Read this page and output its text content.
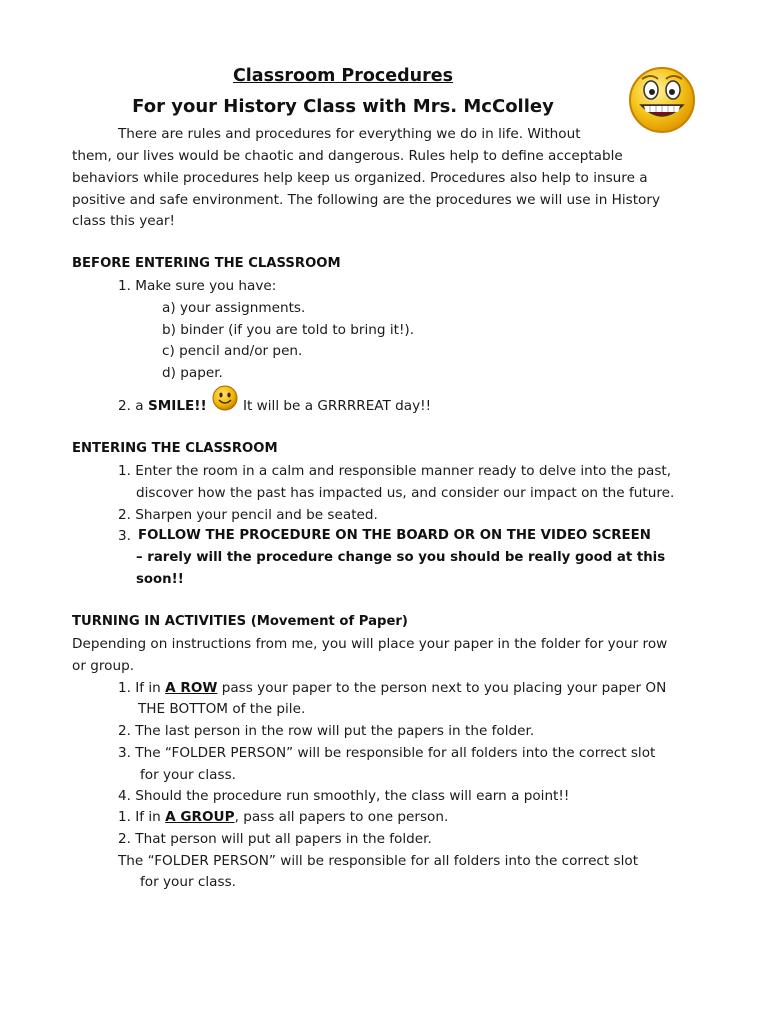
Classroom Procedures
For your History Class with Mrs. McColley
There are rules and procedures for everything we do in life. Without
them, our lives would be chaotic and dangerous. Rules help to define acceptable
behaviors while procedures help keep us organized. Procedures also help to insure a
positive and safe environment. The following are the procedures we will use in History
class this year!
BEFORE ENTERING THE CLASSROOM
1. Make sure you have:
a) your assignments.
b) binder (if you are told to bring it!).
c) pencil and/or pen.
d) paper.
2. a SMILE!!	It will be a GRRRREAT day!!
ENTERING THE CLASSROOM
1. Enter the room in a calm and responsible manner ready to delve into the past,
discover how the past has impacted us, and consider our impact on the future.
2. Sharpen your pencil and be seated.
3. FOLLOW THE PROCEDURE ON THE BOARD OR ON THE VIDEO SCREEN
– rarely will the procedure change so you should be really good at this
soon!!
TURNING IN ACTIVITIES (Movement of Paper)
Depending on instructions from me, you will place your paper in the folder for your row
or group.
1. If in A ROW pass your paper to the person next to you placing your paper ON
THE BOTTOM of the pile.
2. The last person in the row will put the papers in the folder.
3. The “FOLDER PERSON” will be responsible for all folders into the correct slot
for your class.
4. Should the procedure run smoothly, the class will earn a point!!
1. If in A GROUP, pass all papers to one person.
2. That person will put all papers in the folder.
The “FOLDER PERSON” will be responsible for all folders into the correct slot
for your class.
